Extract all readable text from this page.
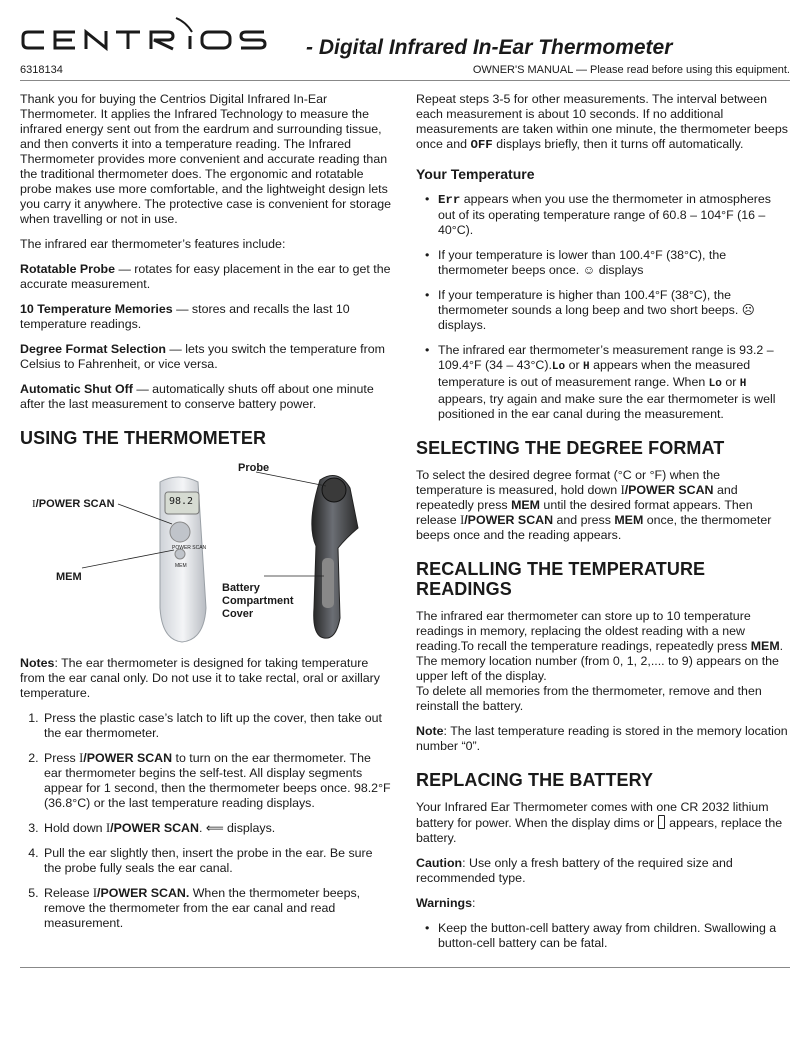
- Digital Infrared In-Ear Thermometer
6318134	OWNER'S MANUAL — Please read before using this equipment.

Thank you for buying the Centrios Digital Infrared In-Ear Thermometer. It applies the Infrared Technology to measure the infrared energy sent out from the eardrum and surrounding tissue, and then converts it into a temperature reading. The Infrared Thermometer provides more convenient and accurate reading than the traditional thermometer does. The ergonomic and rotatable probe makes use more comfortable, and the lightweight design lets you carry it anywhere. The protective case is convenient for storage when travelling or not in use.

The infrared ear thermometer’s features include:

Rotatable Probe — rotates for easy placement in the ear to get the accurate measurement.

10 Temperature Memories — stores and recalls the last 10 temperature readings.

Degree Format Selection — lets you switch the temperature from Celsius to Fahrenheit, or vice versa.

Automatic Shut Off — automatically shuts off about one minute after the last measurement to conserve battery power.

USING THE THERMOMETER
98.2
POWER SCAN
MEM
Probe
I/POWER SCAN
MEM
Battery
Compartment
Cover

Notes: The ear thermometer is designed for taking temperature from the ear canal only. Do not use it to take rectal, oral or axillary temperature.

1. Press the plastic case’s latch to lift up the cover, then take out the ear thermometer.
2. Press I/POWER SCAN to turn on the ear thermometer. The ear thermometer begins the self-test. All display segments appear for 1 second, then the thermometer beeps once. 98.2°F (36.8°C) or the last temperature reading displays.
3. Hold down I/POWER SCAN. ⟸ displays.
4. Pull the ear slightly then, insert the probe in the ear. Be sure the probe fully seals the ear canal.
5. Release I/POWER SCAN. When the thermometer beeps, remove the thermometer from the ear canal and read measurement.

Repeat steps 3-5 for other measurements. The interval between each measurement is about 10 seconds. If no additional measurements are taken within one minute, the thermometer beeps once and OFF displays briefly, then it turns off automatically.

Your Temperature
• Err appears when you use the thermometer in atmospheres out of its operating temperature range of 60.8 – 104°F (16 – 40°C).
• If your temperature is lower than 100.4°F (38°C), the thermometer beeps once. ☺ displays
• If your temperature is higher than 100.4°F (38°C), the thermometer sounds a long beep and two short beeps. ☹ displays.
• The infrared ear thermometer’s measurement range is 93.2 – 109.4°F (34 – 43°C).Lo or H appears when the measured temperature is out of measurement range. When Lo or H appears, try again and make sure the ear thermometer is well positioned in the ear canal during the measurement.
SELECTING THE DEGREE FORMAT

To select the desired degree format (°C or °F) when the temperature is measured, hold down I/POWER SCAN and repeatedly press MEM until the desired format appears. Then release I/POWER SCAN and press MEM once, the thermometer beeps once and the reading appears.

RECALLING THE TEMPERATURE READINGS

The infrared ear thermometer can store up to 10 temperature readings in memory, replacing the oldest reading with a new reading.To recall the temperature readings, repeatedly press MEM. The memory location number (from 0, 1, 2,.... to 9) appears on the upper left of the display.

To delete all memories from the thermometer, remove and then reinstall the battery.

Note: The last temperature reading is stored in the memory location number “0”.

REPLACING THE BATTERY

Your Infrared Ear Thermometer comes with one CR 2032 lithium battery for power. When the display dims or  appears, replace the battery.

Caution: Use only a fresh battery of the required size and recommended type.

Warnings:

• Keep the button-cell battery away from children. Swallowing a button-cell battery can be fatal.
